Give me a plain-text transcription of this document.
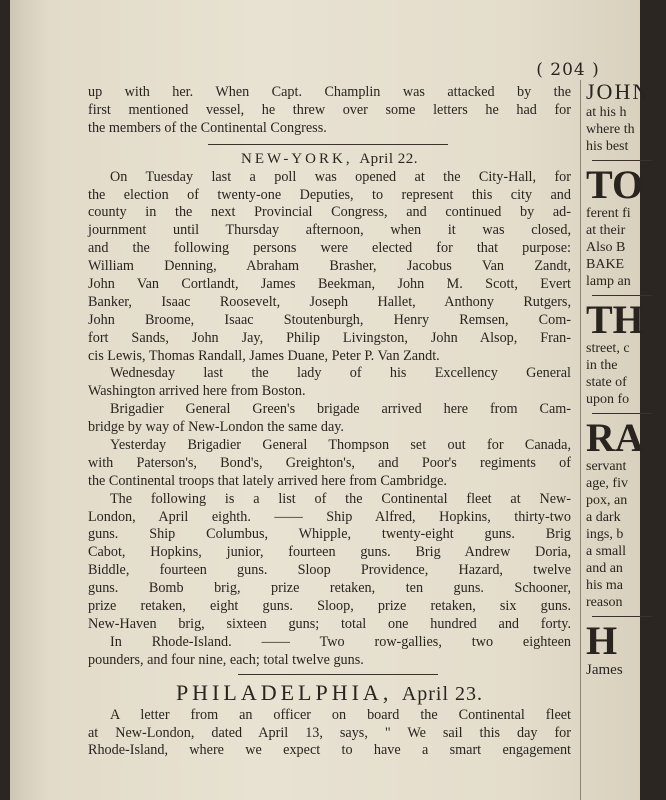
( 204 )
up with her. When Capt. Champlin was attacked by the
first mentioned vessel, he threw over some letters he had for
the members of the Continental Congress.
NEW-YORK, April 22.
On Tuesday last a poll was opened at the City-Hall, for
the election of twenty-one Deputies, to represent this city and
county in the next Provincial Congress, and continued by ad-
journment until Thursday afternoon, when it was closed,
and the following persons were elected for that purpose:
William Denning, Abraham Brasher, Jacobus Van Zandt,
John Van Cortlandt, James Beekman, John M. Scott, Evert
Banker, Isaac Roosevelt, Joseph Hallet, Anthony Rutgers,
John Broome, Isaac Stoutenburgh, Henry Remsen, Com-
fort Sands, John Jay, Philip Livingston, John Alsop, Fran-
cis Lewis, Thomas Randall, James Duane, Peter P. Van Zandt.
Wednesday last the lady of his Excellency General
Washington arrived here from Boston.
Brigadier General Green's brigade arrived here from Cam-
bridge by way of New-London the same day.
Yesterday Brigadier General Thompson set out for Canada,
with Paterson's, Bond's, Greighton's, and Poor's regiments of
the Continental troops that lately arrived here from Cambridge.
The following is a list of the Continental fleet at New-
London, April eighth. —— Ship Alfred, Hopkins, thirty-two
guns. Ship Columbus, Whipple, twenty-eight guns. Brig
Cabot, Hopkins, junior, fourteen guns. Brig Andrew Doria,
Biddle, fourteen guns. Sloop Providence, Hazard, twelve
guns. Bomb brig, prize retaken, ten guns. Schooner,
prize retaken, eight guns. Sloop, prize retaken, six guns.
New-Haven brig, sixteen guns; total one hundred and forty.
In Rhode-Island. —— Two row-gallies, two eighteen
pounders, and four nine, each; total twelve guns.
PHILADELPHIA, April 23.
A letter from an officer on board the Continental fleet
at New-London, dated April 13, says, " We sail this day for
Rhode-Island, where we expect to have a smart engagement
JOHN
at his h
where th
his best
TO
ferent fi
at their
Also B
BAKE
lamp an
TH
street, c
in the
state of
upon fo
RA
servant
age, fiv
pox, an
a dark
ings, b
a small
and an
his ma
reason
H
James
